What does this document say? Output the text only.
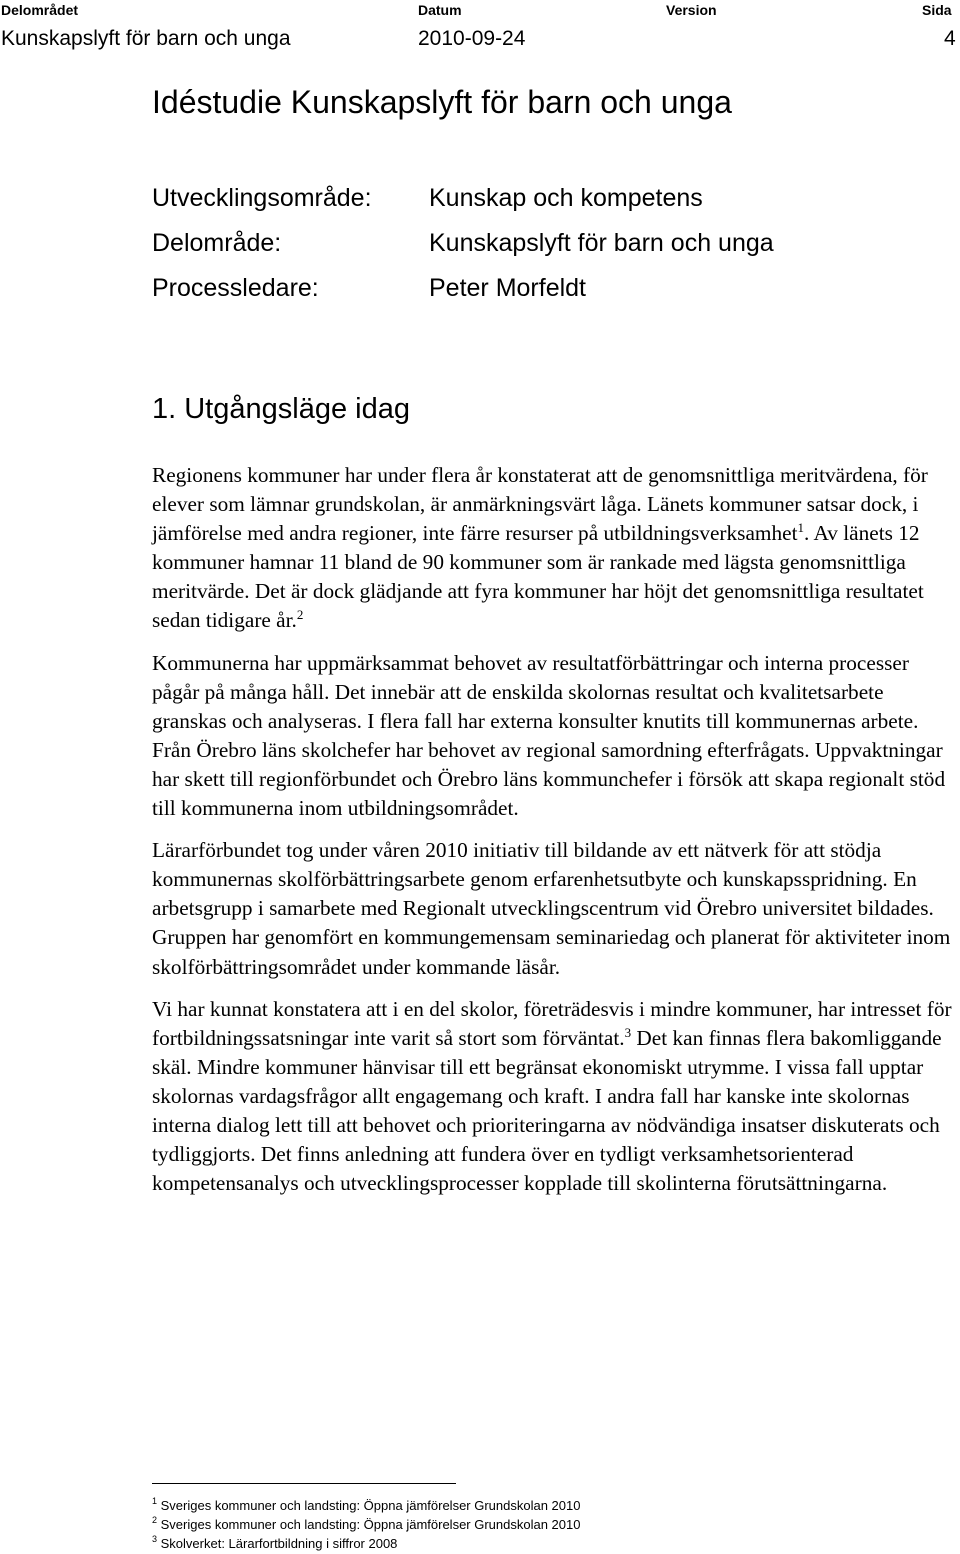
Delområdet
Kunskapslyft för barn och unga
Datum
2010-09-24
Version	Sida
4
Idéstudie Kunskapslyft för barn och unga
Utvecklingsområde:	Kunskap och kompetens
Delområde:	Kunskapslyft för barn och unga
Processledare:	Peter Morfeldt
1. Utgångsläge idag

Regionens kommuner har under flera år konstaterat att de genomsnittliga meritvärdena, för elever som lämnar grundskolan, är anmärkningsvärt låga. Länets kommuner satsar dock, i jämförelse med andra regioner, inte färre resurser på utbildningsverksamhet$^1$. Av länets 12 kommuner hamnar 11 bland de 90 kommuner som är rankade med lägsta genomsnittliga meritvärde. Det är dock glädjande att fyra kommuner har höjt det genomsnittliga resultatet sedan tidigare år.$^2$

Kommunerna har uppmärksammat behovet av resultatförbättringar och interna processer pågår på många håll. Det innebär att de enskilda skolornas resultat och kvalitetsarbete granskas och analyseras. I flera fall har externa konsulter knutits till kommunernas arbete. Från Örebro läns skolchefer har behovet av regional samordning efterfrågats. Uppvaktningar har skett till regionförbundet och Örebro läns kommunchefer i försök att skapa regionalt stöd till kommunerna inom utbildningsområdet.

Lärarförbundet tog under våren 2010 initiativ till bildande av ett nätverk för att stödja kommunernas skolförbättringsarbete genom erfarenhetsutbyte och kunskapsspridning. En arbetsgrupp i samarbete med Regionalt utvecklingscentrum vid Örebro universitet bildades. Gruppen har genomfört en kommungemensam seminariedag och planerat för aktiviteter inom skolförbättringsområdet under kommande läsår.

Vi har kunnat konstatera att i en del skolor, företrädesvis i mindre kommuner, har intresset för fortbildningssatsningar inte varit så stort som förväntat.$^3$ Det kan finnas flera bakomliggande skäl. Mindre kommuner hänvisar till ett begränsat ekonomiskt utrymme. I vissa fall upptar skolornas vardagsfrågor allt engagemang och kraft. I andra fall har kanske inte skolornas interna dialog lett till att behovet och prioriteringarna av nödvändiga insatser diskuterats och tydliggjorts. Det finns anledning att fundera över en tydligt verksamhetsorienterad kompetensanalys och utvecklingsprocesser kopplade till skolinterna förutsättningarna.

$^1$ Sveriges kommuner och landsting: Öppna jämförelser Grundskolan 2010
$^2$ Sveriges kommuner och landsting: Öppna jämförelser Grundskolan 2010
$^3$ Skolverket: Lärarfortbildning i siffror 2008
